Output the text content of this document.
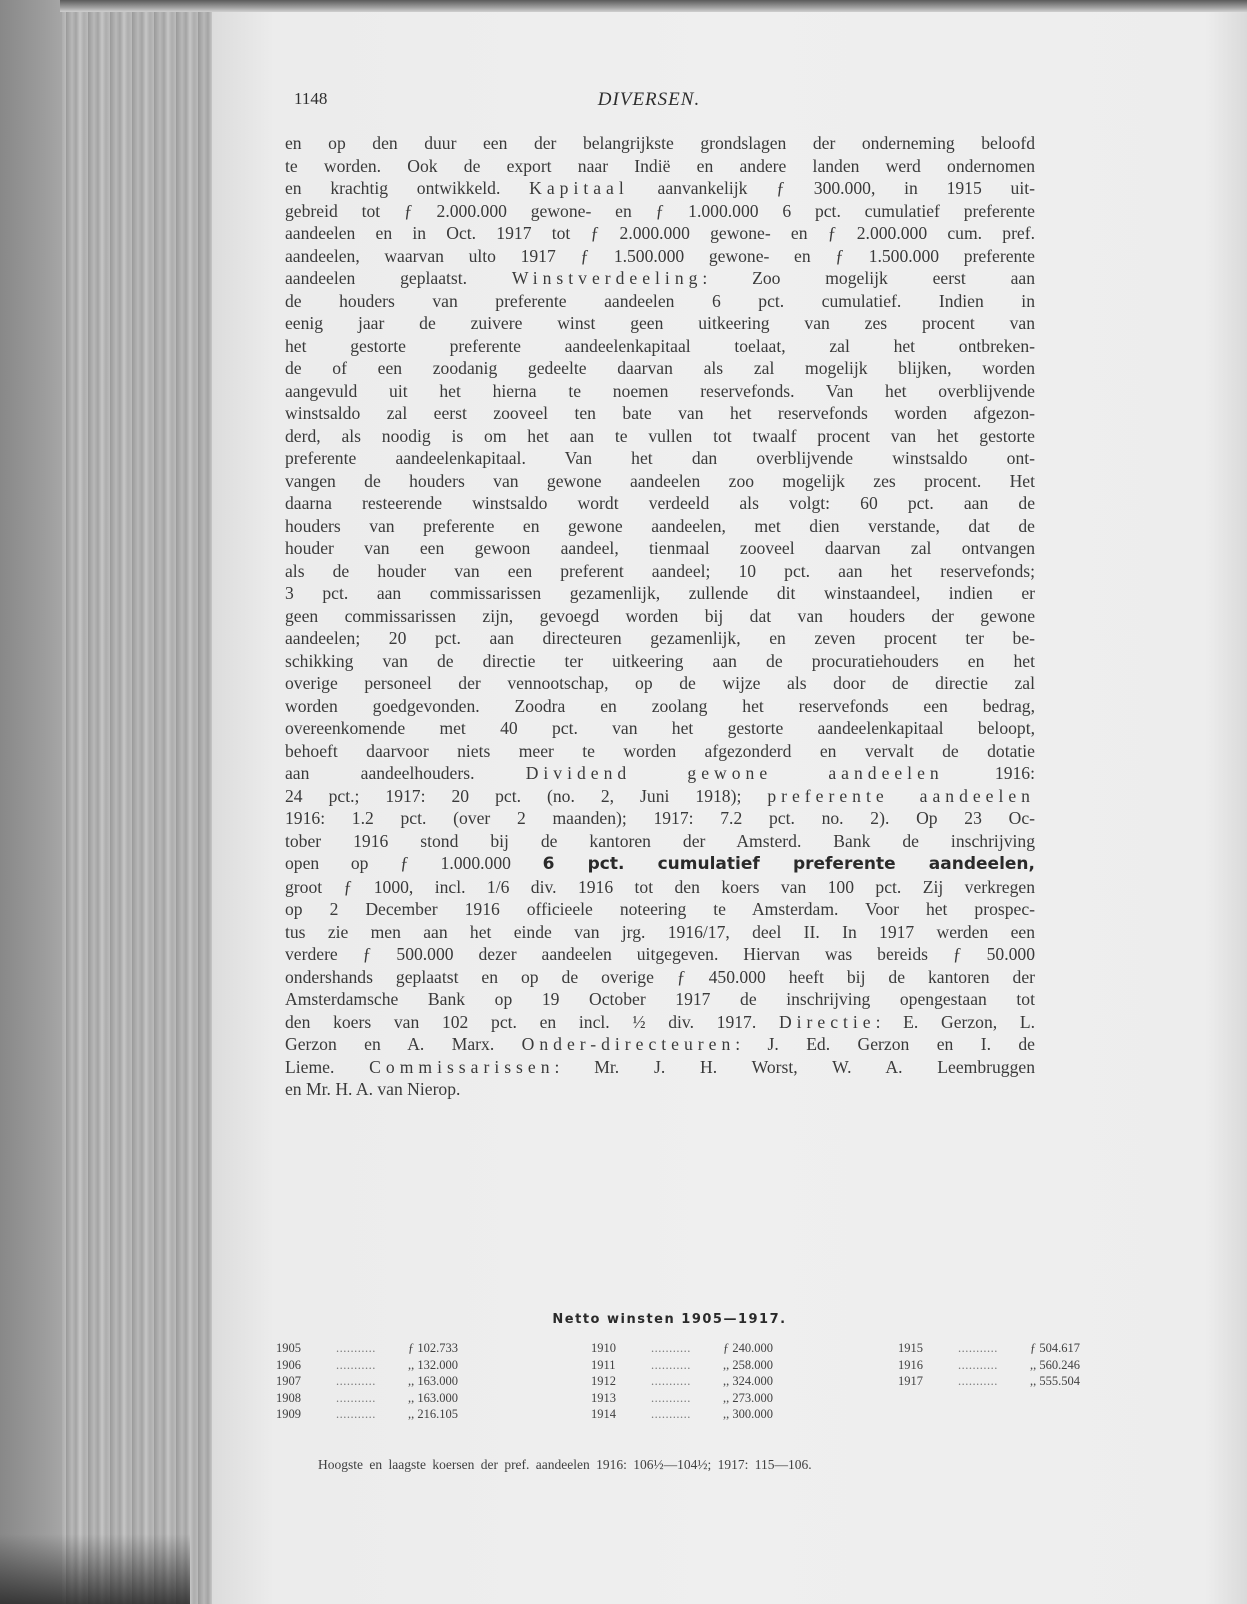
1148	DIVERSEN.
en op den duur een der belangrijkste grondslagen der onderneming beloofd
te worden. Ook de export naar Indië en andere landen werd ondernomen
en krachtig ontwikkeld. Kapitaal aanvankelijk ƒ 300.000, in 1915 uit-
gebreid tot ƒ 2.000.000 gewone- en ƒ 1.000.000 6 pct. cumulatief preferente
aandeelen en in Oct. 1917 tot ƒ 2.000.000 gewone- en ƒ 2.000.000 cum. pref.
aandeelen, waarvan ulto 1917 ƒ 1.500.000 gewone- en ƒ 1.500.000 preferente
aandeelen geplaatst. Winstverdeeling: Zoo mogelijk eerst aan
de houders van preferente aandeelen 6 pct. cumulatief. Indien in
eenig jaar de zuivere winst geen uitkeering van zes procent van
het gestorte preferente aandeelenkapitaal toelaat, zal het ontbreken-
de of een zoodanig gedeelte daarvan als zal mogelijk blijken, worden
aangevuld uit het hierna te noemen reservefonds. Van het overblijvende
winstsaldo zal eerst zooveel ten bate van het reservefonds worden afgezon-
derd, als noodig is om het aan te vullen tot twaalf procent van het gestorte
preferente aandeelenkapitaal. Van het dan overblijvende winstsaldo ont-
vangen de houders van gewone aandeelen zoo mogelijk zes procent. Het
daarna resteerende winstsaldo wordt verdeeld als volgt: 60 pct. aan de
houders van preferente en gewone aandeelen, met dien verstande, dat de
houder van een gewoon aandeel, tienmaal zooveel daarvan zal ontvangen
als de houder van een preferent aandeel; 10 pct. aan het reservefonds;
3 pct. aan commissarissen gezamenlijk, zullende dit winstaandeel, indien er
geen commissarissen zijn, gevoegd worden bij dat van houders der gewone
aandeelen; 20 pct. aan directeuren gezamenlijk, en zeven procent ter be-
schikking van de directie ter uitkeering aan de procuratiehouders en het
overige personeel der vennootschap, op de wijze als door de directie zal
worden goedgevonden. Zoodra en zoolang het reservefonds een bedrag,
overeenkomende met 40 pct. van het gestorte aandeelenkapitaal beloopt,
behoeft daarvoor niets meer te worden afgezonderd en vervalt de dotatie
aan aandeelhouders. Dividend gewone aandeelen 1916:
24 pct.; 1917: 20 pct. (no. 2, Juni 1918); preferente aandeelen
1916: 1.2 pct. (over 2 maanden); 1917: 7.2 pct. no. 2). Op 23 Oc-
tober 1916 stond bij de kantoren der Amsterd. Bank de inschrijving
open op ƒ 1.000.000 6 pct. cumulatief preferente aandeelen,
groot ƒ 1000, incl. 1/6 div. 1916 tot den koers van 100 pct. Zij verkregen
op 2 December 1916 officieele noteering te Amsterdam. Voor het prospec-
tus zie men aan het einde van jrg. 1916/17, deel II. In 1917 werden een
verdere ƒ 500.000 dezer aandeelen uitgegeven. Hiervan was bereids ƒ 50.000
ondershands geplaatst en op de overige ƒ 450.000 heeft bij de kantoren der
Amsterdamsche Bank op 19 October 1917 de inschrijving opengestaan tot
den koers van 102 pct. en incl. ½ div. 1917. Directie: E. Gerzon, L.
Gerzon en A. Marx. Onder-directeuren: J. Ed. Gerzon en I. de
Lieme. Commissarissen: Mr. J. H. Worst, W. A. Leembruggen
en Mr. H. A. van Nierop.
Netto winsten 1905—1917.
1905	...........	ƒ 102.733
1906	...........	,, 132.000
1907	...........	,, 163.000
1908	...........	,, 163.000
1909	...........	,, 216.105
1910	...........	ƒ 240.000
1911	...........	,, 258.000
1912	...........	,, 324.000
1913	...........	,, 273.000
1914	...........	,, 300.000
1915	...........	ƒ 504.617
1916	...........	,, 560.246
1917	...........	,, 555.504
Hoogste en laagste koersen der pref. aandeelen 1916: 106½—104½; 1917: 115—106.
